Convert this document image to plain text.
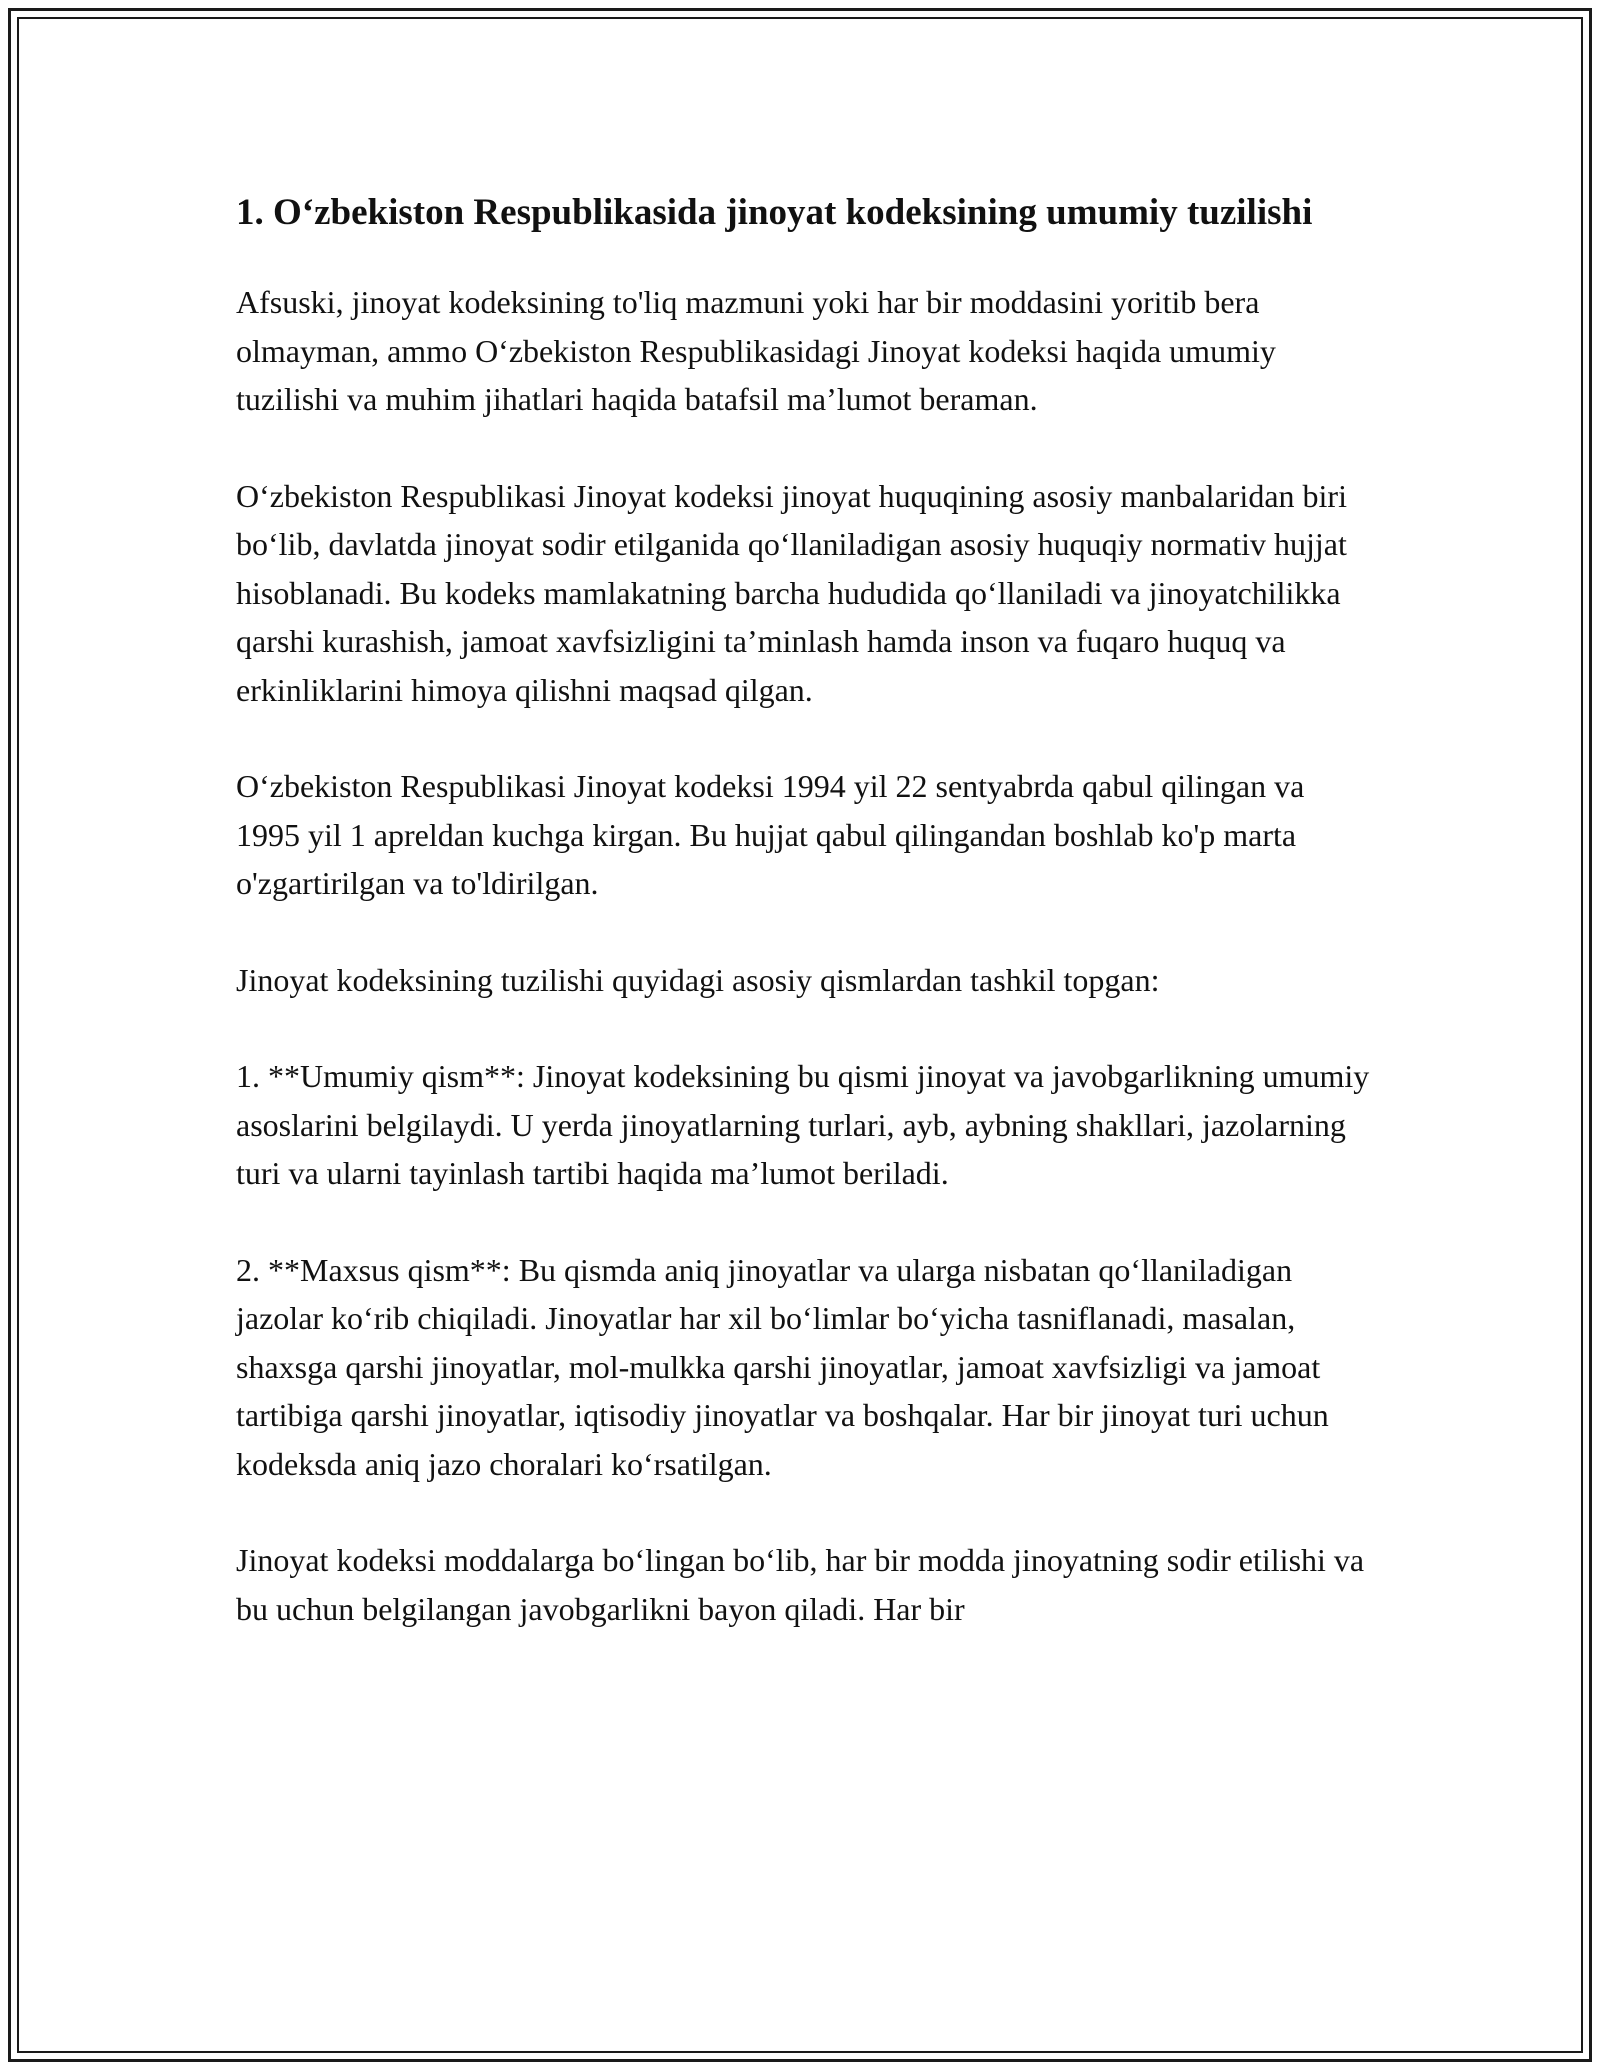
1. O‘zbekiston Respublikasida jinoyat kodeksining umumiy tuzilishi

Afsuski, jinoyat kodeksining to'liq mazmuni yoki har bir moddasini yoritib bera olmayman, ammo O‘zbekiston Respublikasidagi Jinoyat kodeksi haqida umumiy tuzilishi va muhim jihatlari haqida batafsil ma’lumot beraman.

O‘zbekiston Respublikasi Jinoyat kodeksi jinoyat huquqining asosiy manbalaridan biri bo‘lib, davlatda jinoyat sodir etilganida qo‘llaniladigan asosiy huquqiy normativ hujjat hisoblanadi. Bu kodeks mamlakatning barcha hududida qo‘llaniladi va jinoyatchilikka qarshi kurashish, jamoat xavfsizligini ta’minlash hamda inson va fuqaro huquq va erkinliklarini himoya qilishni maqsad qilgan.

O‘zbekiston Respublikasi Jinoyat kodeksi 1994 yil 22 sentyabrda qabul qilingan va 1995 yil 1 apreldan kuchga kirgan. Bu hujjat qabul qilingandan boshlab ko'p marta o'zgartirilgan va to'ldirilgan.

Jinoyat kodeksining tuzilishi quyidagi asosiy qismlardan tashkil topgan:

1. **Umumiy qism**: Jinoyat kodeksining bu qismi jinoyat va javobgarlikning umumiy asoslarini belgilaydi. U yerda jinoyatlarning turlari, ayb, aybning shakllari, jazolarning turi va ularni tayinlash tartibi haqida ma’lumot beriladi.

2. **Maxsus qism**: Bu qismda aniq jinoyatlar va ularga nisbatan qo‘llaniladigan jazolar ko‘rib chiqiladi. Jinoyatlar har xil bo‘limlar bo‘yicha tasniflanadi, masalan, shaxsga qarshi jinoyatlar, mol-mulkka qarshi jinoyatlar, jamoat xavfsizligi va jamoat tartibiga qarshi jinoyatlar, iqtisodiy jinoyatlar va boshqalar. Har bir jinoyat turi uchun kodeksda aniq jazo choralari ko‘rsatilgan.

Jinoyat kodeksi moddalarga bo‘lingan bo‘lib, har bir modda jinoyatning sodir etilishi va bu uchun belgilangan javobgarlikni bayon qiladi. Har bir
